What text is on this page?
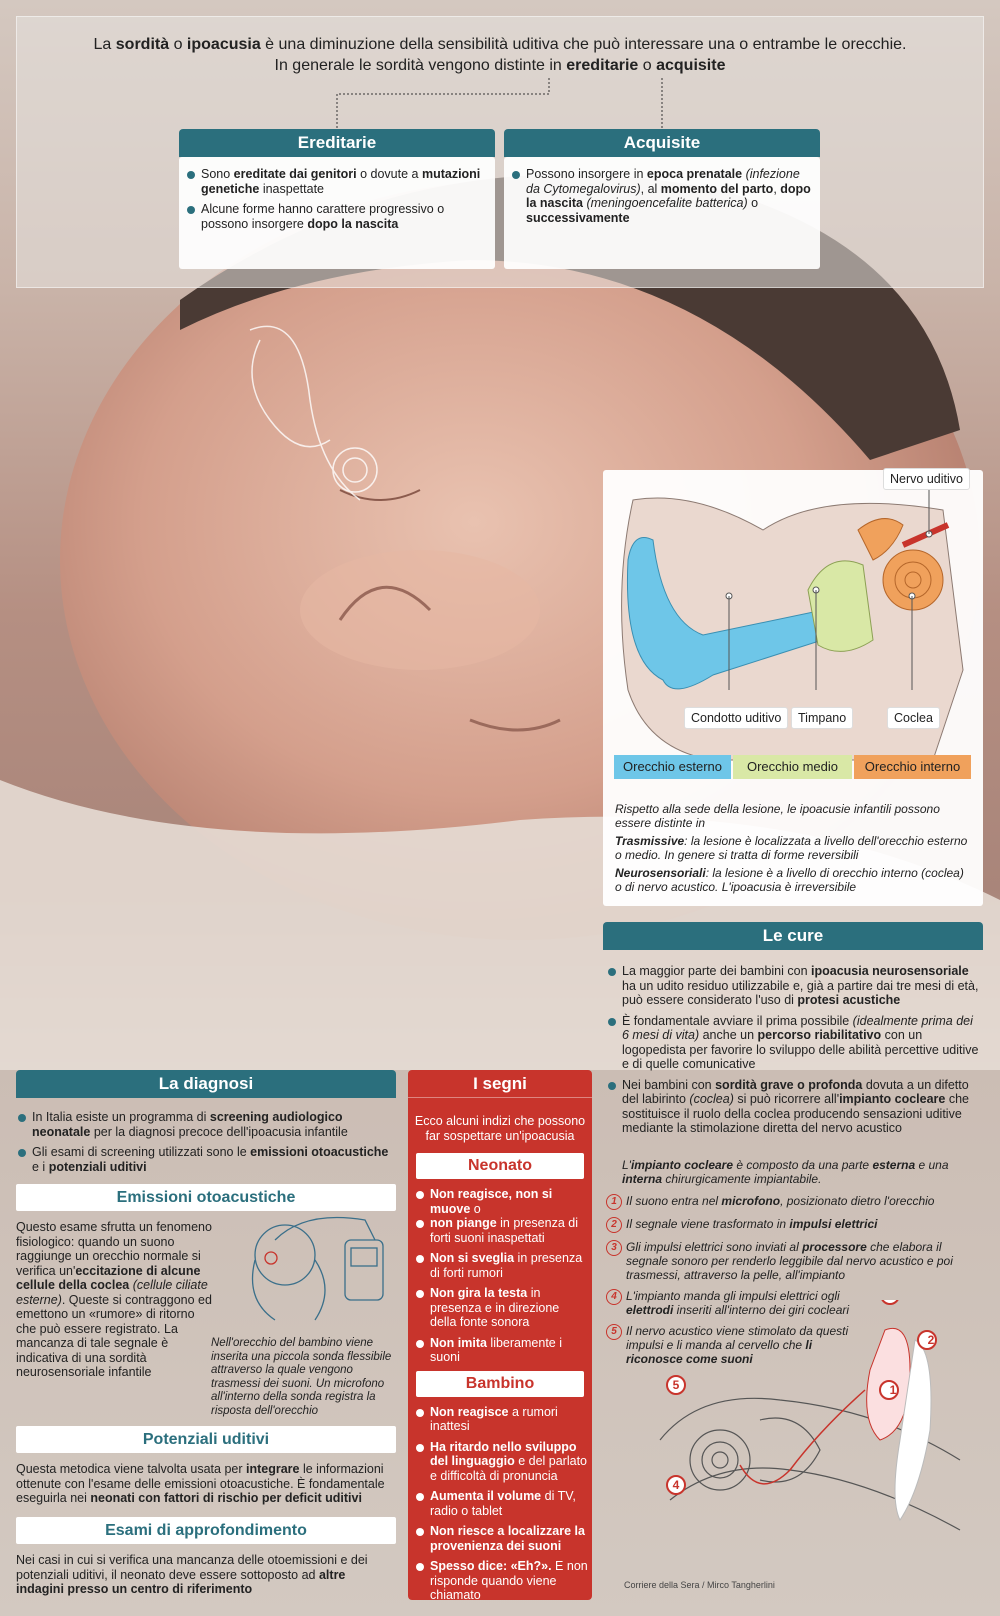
La sordità o ipoacusia è una diminuzione della sensibilità uditiva che può interessare una o entrambe le orecchie.
In generale le sordità vengono distinte in ereditarie o acquisite
Ereditarie
Sono ereditate dai genitori o dovute a mutazioni genetiche inaspettate
Alcune forme hanno carattere progressivo o possono insorgere dopo la nascita
Acquisite
Possono insorgere in epoca prenatale (infezione da Cytomegalovirus), al momento del parto, dopo la nascita (meningoencefalite batterica) o successivamente
Nervo uditivo
Condotto uditivo	Timpano	Coclea
Orecchio esterno	Orecchio medio	Orecchio interno
Rispetto alla sede della lesione, le ipoacusie infantili possono essere distinte in
Trasmissive: la lesione è localizzata a livello dell'orecchio esterno o medio. In genere si tratta di forme reversibili
Neurosensoriali: la lesione è a livello di orecchio interno (coclea) o di nervo acustico. L'ipoacusia è irreversibile
Le cure
La maggior parte dei bambini con ipoacusia neurosensoriale ha un udito residuo utilizzabile e, già a partire dai tre mesi di età, può essere considerato l'uso di protesi acustiche
È fondamentale avviare il prima possibile (idealmente prima dei 6 mesi di vita) anche un percorso riabilitativo con un logopedista per favorire lo sviluppo delle abilità percettive uditive e di quelle comunicative
Nei bambini con sordità grave o profonda dovuta a un difetto del labirinto (coclea) si può ricorrere all'impianto cocleare che sostituisce il ruolo della coclea producendo sensazioni uditive mediante la stimolazione diretta del nervo acustico
L'impianto cocleare è composto da una parte esterna e una interna chirurgicamente impiantabile.
1 Il suono entra nel microfono, posizionato dietro l'orecchio
2 Il segnale viene trasformato in impulsi elettrici
3 Gli impulsi elettrici sono inviati al processore che elabora il segnale sonoro per renderlo leggibile dal nervo acustico e poi trasmessi, attraverso la pelle, all'impianto
4 L'impianto manda gli impulsi elettrici ogli elettrodi inseriti all'interno dei giri cocleari
5 Il nervo acustico viene stimolato da questi impulsi e li manda al cervello che li riconosce come suoni
1
2
4
5
Corriere della Sera / Mirco Tangherlini
La diagnosi
In Italia esiste un programma di screening audiologico neonatale per la diagnosi precoce dell'ipoacusia infantile
Gli esami di screening utilizzati sono le emissioni otoacustiche e i potenziali uditivi
Emissioni otoacustiche
Questo esame sfrutta un fenomeno fisiologico: quando un suono raggiunge un orecchio normale si verifica un'eccitazione di alcune cellule della coclea (cellule ciliate esterne). Queste si contraggono ed emettono un «rumore» di ritorno che può essere registrato. La mancanza di tale segnale è indicativa di una sordità neurosensoriale infantile
Nell'orecchio del bambino viene inserita una piccola sonda flessibile attraverso la quale vengono trasmessi dei suoni. Un microfono all'interno della sonda registra la risposta dell'orecchio
Potenziali uditivi
Questa metodica viene talvolta usata per integrare le informazioni ottenute con l'esame delle emissioni otoacustiche. È fondamentale eseguirla nei neonati con fattori di rischio per deficit uditivi
Esami di approfondimento
Nei casi in cui si verifica una mancanza delle otoemissioni e dei potenziali uditivi, il neonato deve essere sottoposto ad altre indagini presso un centro di riferimento
I segni
Ecco alcuni indizi che possono far sospettare un'ipoacusia
Neonato
Non reagisce, non si muove o
non piange in presenza di forti suoni inaspettati
Non si sveglia in presenza di forti rumori
Non gira la testa in presenza e in direzione della fonte sonora
Non imita liberamente i suoni
Bambino
Non reagisce a rumori inattesi
Ha ritardo nello sviluppo del linguaggio e del parlato e difficoltà di pronuncia
Aumenta il volume di TV, radio o tablet
Non riesce a localizzare la provenienza dei suoni
Spesso dice: «Eh?». E non risponde quando viene chiamato
